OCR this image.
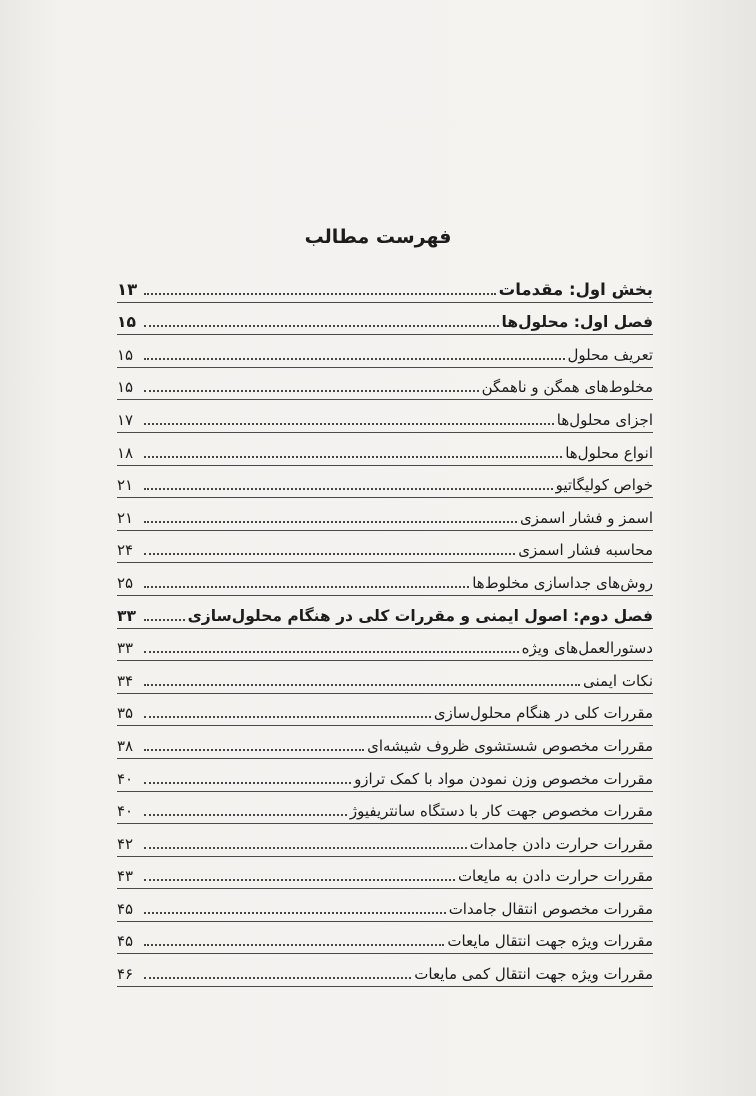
فهرست مطالب
بخش اول: مقدمات
۱۳
فصل اول: محلول‌ها
۱۵
تعریف محلول
۱۵
مخلوط‌های همگن و ناهمگن
۱۵
اجزای محلول‌ها
۱۷
انواع محلول‌ها
۱۸
خواص کولیگاتیو
۲۱
اسمز و فشار اسمزی
۲۱
محاسبه فشار اسمزی
۲۴
روش‌های جداسازی مخلوط‌ها
۲۵
فصل دوم: اصول ایمنی و مقررات کلی در هنگام محلول‌سازی
۳۳
دستورالعمل‌های ویژه
۳۳
نکات ایمنی
۳۴
مقررات کلی در هنگام محلول‌سازی
۳۵
مقررات مخصوص شستشوی ظروف شیشه‌ای
۳۸
مقررات مخصوص وزن نمودن مواد با کمک ترازو
۴۰
مقررات مخصوص جهت کار با دستگاه سانتریفیوژ
۴۰
مقررات حرارت دادن جامدات
۴۲
مقررات حرارت دادن به مایعات
۴۳
مقررات مخصوص انتقال جامدات
۴۵
مقررات ویژه جهت انتقال مایعات
۴۵
مقررات ویژه جهت انتقال کمی مایعات
۴۶
